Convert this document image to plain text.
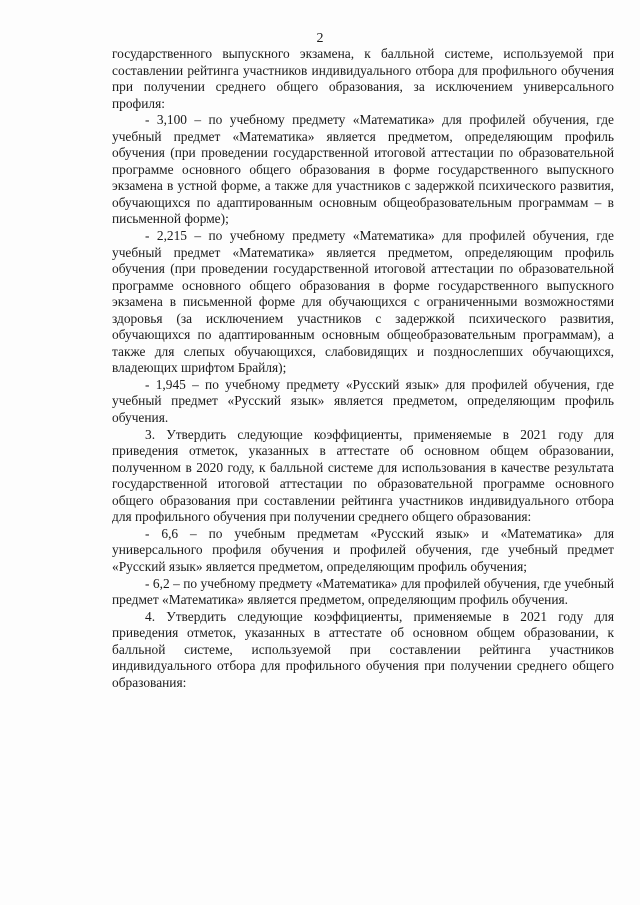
2

государственного выпускного экзамена, к балльной системе, используемой при составлении рейтинга участников индивидуального отбора для профильного обучения при получении среднего общего образования, за исключением универсального профиля:

- 3,100 – по учебному предмету «Математика» для профилей обучения, где учебный предмет «Математика» является предметом, определяющим профиль обучения (при проведении государственной итоговой аттестации по образовательной программе основного общего образования в форме государственного выпускного экзамена в устной форме, а также для участников с задержкой психического развития, обучающихся по адаптированным основным общеобразовательным программам – в письменной форме);

- 2,215 – по учебному предмету «Математика» для профилей обучения, где учебный предмет «Математика» является предметом, определяющим профиль обучения (при проведении государственной итоговой аттестации по образовательной программе основного общего образования в форме государственного выпускного экзамена в письменной форме для обучающихся с ограниченными возможностями здоровья (за исключением участников с задержкой психического развития, обучающихся по адаптированным основным общеобразовательным программам), а также для слепых обучающихся, слабовидящих и позднослепших обучающихся, владеющих шрифтом Брайля);

- 1,945 – по учебному предмету «Русский язык» для профилей обучения, где учебный предмет «Русский язык» является предметом, определяющим профиль обучения.

3. Утвердить следующие коэффициенты, применяемые в 2021 году для приведения отметок, указанных в аттестате об основном общем образовании, полученном в 2020 году, к балльной системе для использования в качестве результата государственной итоговой аттестации по образовательной программе основного общего образования при составлении рейтинга участников индивидуального отбора для профильного обучения при получении среднего общего образования:

- 6,6 – по учебным предметам «Русский язык» и «Математика» для универсального профиля обучения и профилей обучения, где учебный предмет «Русский язык» является предметом, определяющим профиль обучения;

- 6,2 – по учебному предмету «Математика» для профилей обучения, где учебный предмет «Математика» является предметом, определяющим профиль обучения.

4. Утвердить следующие коэффициенты, применяемые в 2021 году для приведения отметок, указанных в аттестате об основном общем образовании, к балльной системе, используемой при составлении рейтинга участников индивидуального отбора для профильного обучения при получении среднего общего образования:
